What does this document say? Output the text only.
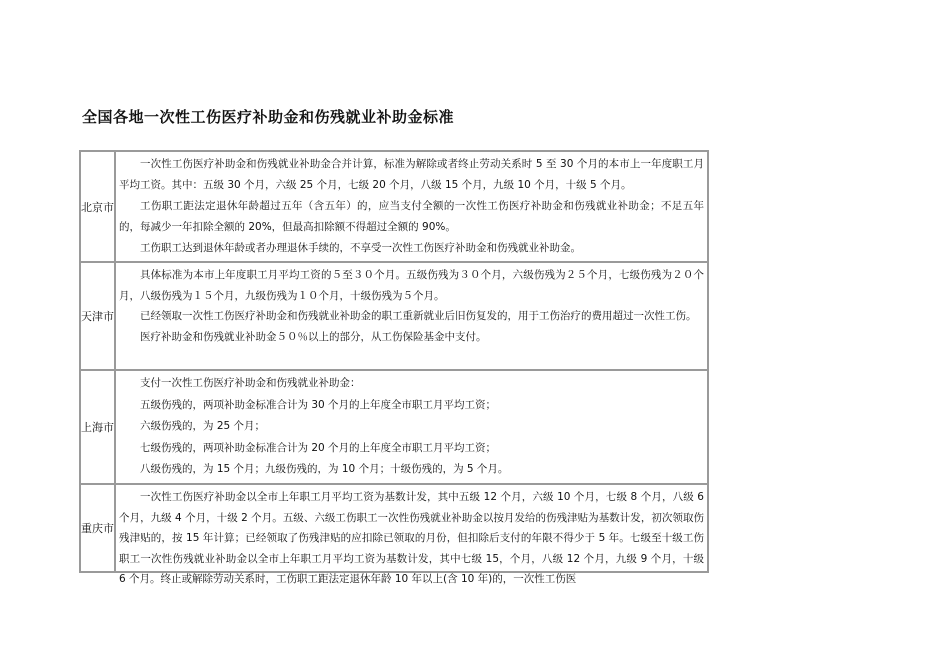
全国各地一次性工伤医疗补助金和伤残就业补助金标准
北京市	一次性工伤医疗补助金和伤残就业补助金合并计算，标准为解除或者终止劳动关系时 5 至 30 个月的本市上一年度职工月平均工资。其中：五级 30 个月，六级 25 个月，七级 20 个月，八级 15 个月，九级 10 个月，十级 5 个月。

工伤职工距法定退休年龄超过五年（含五年）的，应当支付全额的一次性工伤医疗补助金和伤残就业补助金；不足五年的，每减少一年扣除全额的 20%，但最高扣除额不得超过全额的 90%。

工伤职工达到退休年龄或者办理退休手续的，不享受一次性工伤医疗补助金和伤残就业补助金。

天津市	具体标准为本市上年度职工月平均工资的５至３０个月。五级伤残为３０个月，六级伤残为２５个月，七级伤残为２０个月，八级伤残为１５个月，九级伤残为１０个月，十级伤残为５个月。

已经领取一次性工伤医疗补助金和伤残就业补助金的职工重新就业后旧伤复发的，用于工伤治疗的费用超过一次性工伤。

医疗补助金和伤残就业补助金５０％以上的部分，从工伤保险基金中支付。

上海市	支付一次性工伤医疗补助金和伤残就业补助金：

五级伤残的，两项补助金标准合计为 30 个月的上年度全市职工月平均工资；

六级伤残的，为 25 个月；

七级伤残的，两项补助金标准合计为 20 个月的上年度全市职工月平均工资；

八级伤残的，为 15 个月；九级伤残的，为 10 个月；十级伤残的，为 5 个月。

重庆市	一次性工伤医疗补助金以全市上年职工月平均工资为基数计发，其中五级 12 个月，六级 10 个月，七级 8 个月，八级 6 个月，九级 4 个月，十级 2 个月。五级、六级工伤职工一次性伤残就业补助金以按月发给的伤残津贴为基数计发，初次领取伤残津贴的，按 15 年计算；已经领取了伤残津贴的应扣除已领取的月份，但扣除后支付的年限不得少于 5 年。七级至十级工伤职工一次性伤残就业补助金以全市上年职工月平均工资为基数计发，其中七级 15，个月，八级 12 个月，九级 9 个月，十级 6 个月。终止或解除劳动关系时，工伤职工距法定退休年龄 10 年以上(含 10 年)的，一次性工伤医
